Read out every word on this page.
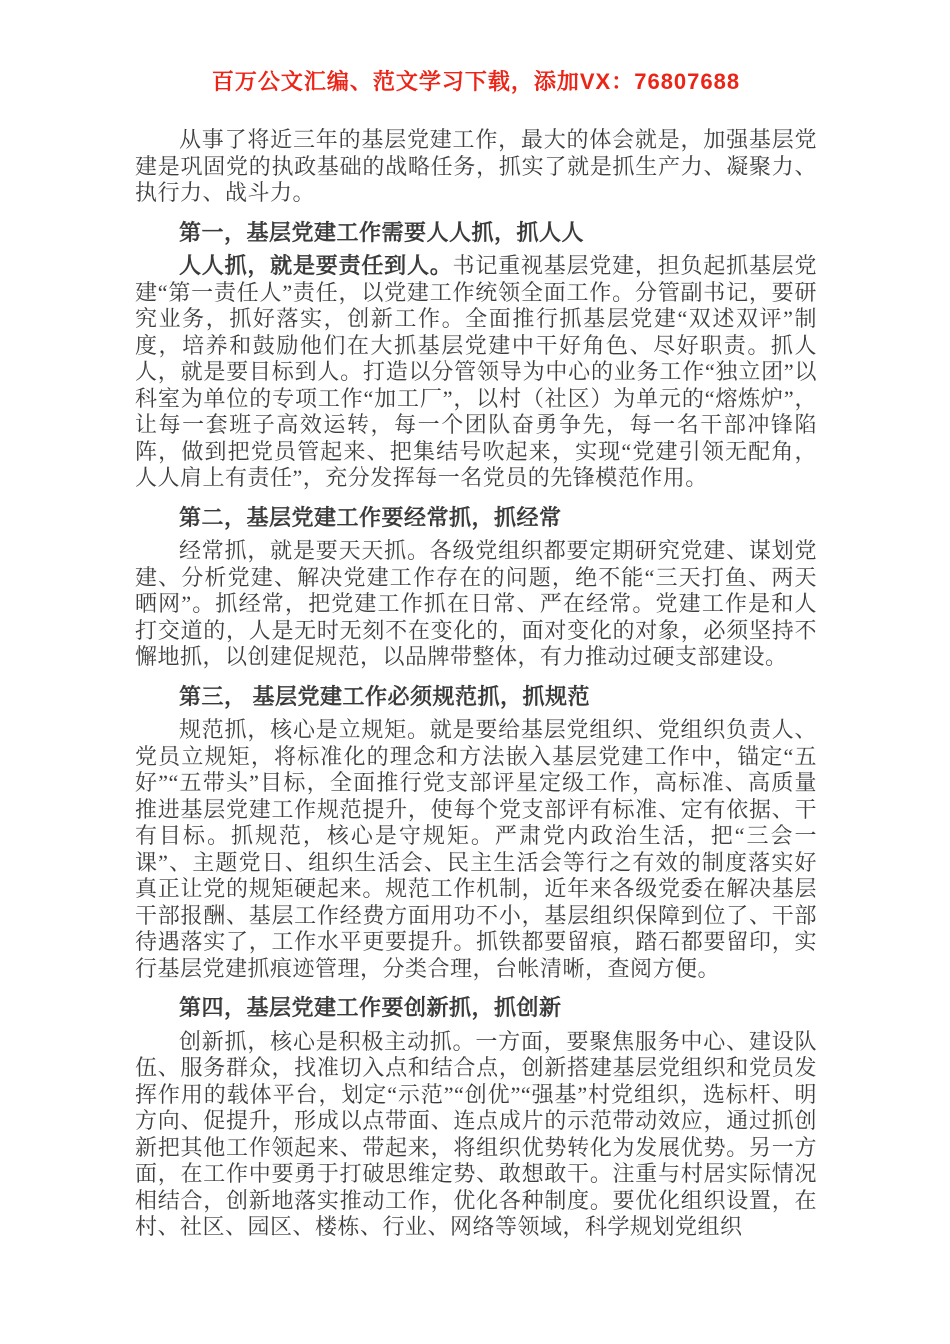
百万公文汇编、范文学习下载，添加VX：76807688

从事了将近三年的基层党建工作，最大的体会就是，加强基层党建是巩固党的执政基础的战略任务，抓实了就是抓生产力、凝聚力、执行力、战斗力。

第一，基层党建工作需要人人抓，抓人人

人人抓，就是要责任到人。书记重视基层党建，担负起抓基层党建“第一责任人”责任，以党建工作统领全面工作。分管副书记，要研究业务，抓好落实，创新工作。全面推行抓基层党建“双述双评”制度，培养和鼓励他们在大抓基层党建中干好角色、尽好职责。抓人人，就是要目标到人。打造以分管领导为中心的业务工作“独立团”以科室为单位的专项工作“加工厂”，以村（社区）为单元的“熔炼炉”，让每一套班子高效运转，每一个团队奋勇争先，每一名干部冲锋陷阵，做到把党员管起来、把集结号吹起来，实现“党建引领无配角，人人肩上有责任”，充分发挥每一名党员的先锋模范作用。

第二，基层党建工作要经常抓，抓经常

经常抓，就是要天天抓。各级党组织都要定期研究党建、谋划党建、分析党建、解决党建工作存在的问题，绝不能“三天打鱼、两天晒网”。抓经常，把党建工作抓在日常、严在经常。党建工作是和人打交道的，人是无时无刻不在变化的，面对变化的对象，必须坚持不懈地抓，以创建促规范，以品牌带整体，有力推动过硬支部建设。

第三， 基层党建工作必须规范抓，抓规范

规范抓，核心是立规矩。就是要给基层党组织、党组织负责人、党员立规矩，将标准化的理念和方法嵌入基层党建工作中，锚定“五好”“五带头”目标，全面推行党支部评星定级工作，高标准、高质量推进基层党建工作规范提升，使每个党支部评有标准、定有依据、干有目标。抓规范，核心是守规矩。严肃党内政治生活，把“三会一课”、主题党日、组织生活会、民主生活会等行之有效的制度落实好真正让党的规矩硬起来。规范工作机制，近年来各级党委在解决基层干部报酬、基层工作经费方面用功不小，基层组织保障到位了、干部待遇落实了，工作水平更要提升。抓铁都要留痕，踏石都要留印，实行基层党建抓痕迹管理，分类合理，台帐清晰，查阅方便。

第四，基层党建工作要创新抓，抓创新

创新抓，核心是积极主动抓。一方面，要聚焦服务中心、建设队伍、服务群众，找准切入点和结合点，创新搭建基层党组织和党员发挥作用的载体平台，划定“示范”“创优”“强基”村党组织，选标杆、明方向、促提升，形成以点带面、连点成片的示范带动效应，通过抓创新把其他工作领起来、带起来，将组织优势转化为发展优势。另一方面，在工作中要勇于打破思维定势、敢想敢干。注重与村居实际情况相结合，创新地落实推动工作，优化各种制度。要优化组织设置，在村、社区、园区、楼栋、行业、网络等领域，科学规划党组织
